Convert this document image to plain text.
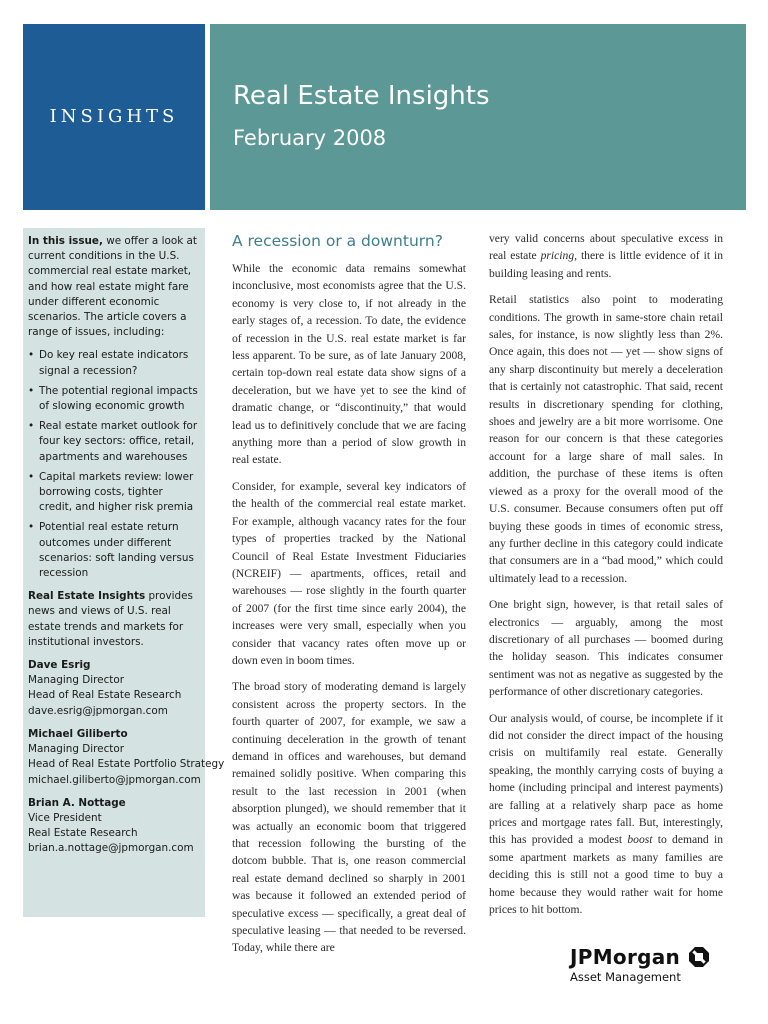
INSIGHTS
Real Estate Insights
February 2008

In this issue, we offer a look at current conditions in the U.S. commercial real estate market, and how real estate might fare under different economic scenarios. The article covers a range of issues, including:

• Do key real estate indicators signal a recession?
• The potential regional impacts of slowing economic growth
• Real estate market outlook for four key sectors: office, retail, apartments and warehouses
• Capital markets review: lower borrowing costs, tighter credit, and higher risk premia
• Potential real estate return outcomes under different scenarios: soft landing versus recession

Real Estate Insights provides news and views of U.S. real estate trends and markets for institutional investors.

Dave Esrig
Managing Director
Head of Real Estate Research
dave.esrig@jpmorgan.com
Michael Giliberto
Managing Director
Head of Real Estate Portfolio Strategy
michael.giliberto@jpmorgan.com
Brian A. Nottage
Vice President
Real Estate Research
brian.a.nottage@jpmorgan.com
A recession or a downturn?

While the economic data remains somewhat inconclusive, most economists agree that the U.S. economy is very close to, if not already in the early stages of, a recession. To date, the evidence of recession in the U.S. real estate market is far less apparent. To be sure, as of late January 2008, certain top-down real estate data show signs of a deceleration, but we have yet to see the kind of dramatic change, or “discontinuity,” that would lead us to definitively conclude that we are facing anything more than a period of slow growth in real estate.

Consider, for example, several key indicators of the health of the commercial real estate market. For example, although vacancy rates for the four types of properties tracked by the National Council of Real Estate Investment Fiduciaries (NCREIF) — apartments, offices, retail and warehouses — rose slightly in the fourth quarter of 2007 (for the first time since early 2004), the increases were very small, especially when you consider that vacancy rates often move up or down even in boom times.

The broad story of moderating demand is largely consistent across the property sectors. In the fourth quarter of 2007, for example, we saw a continuing deceleration in the growth of tenant demand in offices and warehouses, but demand remained solidly positive. When comparing this result to the last recession in 2001 (when absorption plunged), we should remember that it was actually an economic boom that triggered that recession following the bursting of the dotcom bubble. That is, one reason commercial real estate demand declined so sharply in 2001 was because it followed an extended period of speculative excess — specifically, a great deal of speculative leasing — that needed to be reversed. Today, while there are

very valid concerns about speculative excess in real estate pricing, there is little evidence of it in building leasing and rents.

Retail statistics also point to moderating conditions. The growth in same-store chain retail sales, for instance, is now slightly less than 2%. Once again, this does not — yet — show signs of any sharp discontinuity but merely a deceleration that is certainly not catastrophic. That said, recent results in discretionary spending for clothing, shoes and jewelry are a bit more worrisome. One reason for our concern is that these categories account for a large share of mall sales. In addition, the purchase of these items is often viewed as a proxy for the overall mood of the U.S. consumer. Because consumers often put off buying these goods in times of economic stress, any further decline in this category could indicate that consumers are in a “bad mood,” which could ultimately lead to a recession.

One bright sign, however, is that retail sales of electronics — arguably, among the most discretionary of all purchases — boomed during the holiday season. This indicates consumer sentiment was not as negative as suggested by the performance of other discretionary categories.

Our analysis would, of course, be incomplete if it did not consider the direct impact of the housing crisis on multifamily real estate. Generally speaking, the monthly carrying costs of buying a home (including principal and interest payments) are falling at a relatively sharp pace as home prices and mortgage rates fall. But, interestingly, this has provided a modest boost to demand in some apartment markets as many families are deciding this is still not a good time to buy a home because they would rather wait for home prices to hit bottom.

JPMorgan
Asset Management
